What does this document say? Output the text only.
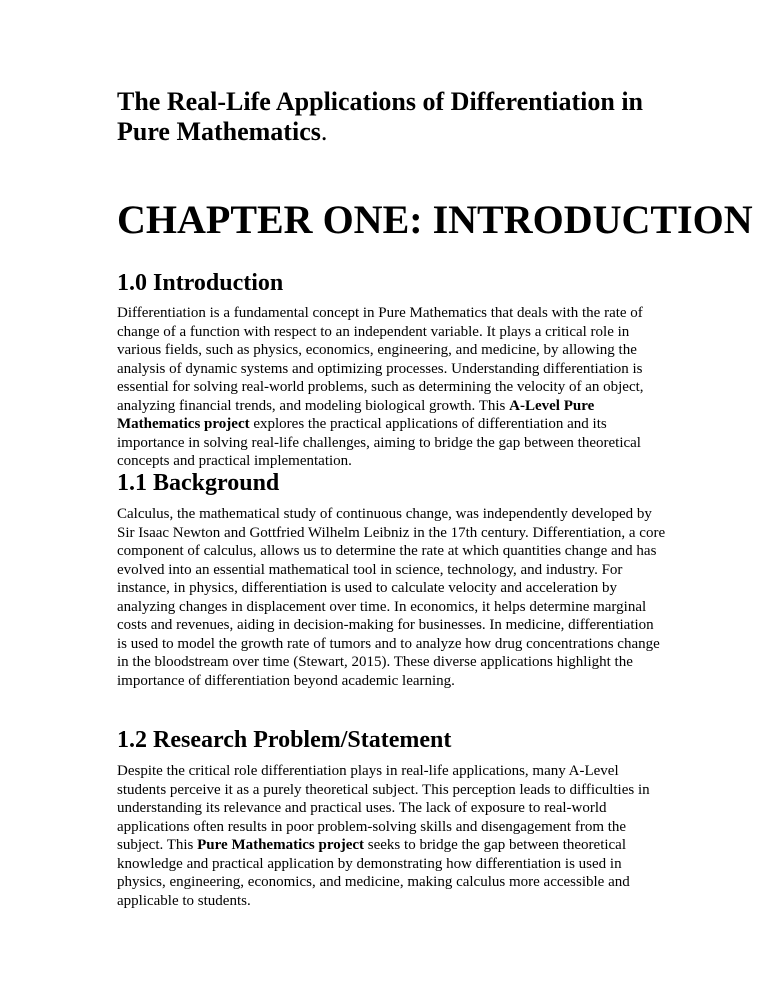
The Real-Life Applications of Differentiation in Pure Mathematics.
CHAPTER ONE: INTRODUCTION
1.0 Introduction

Differentiation is a fundamental concept in Pure Mathematics that deals with the rate of change of a function with respect to an independent variable. It plays a critical role in various fields, such as physics, economics, engineering, and medicine, by allowing the analysis of dynamic systems and optimizing processes. Understanding differentiation is essential for solving real-world problems, such as determining the velocity of an object, analyzing financial trends, and modeling biological growth. This A-Level Pure Mathematics project explores the practical applications of differentiation and its importance in solving real-life challenges, aiming to bridge the gap between theoretical concepts and practical implementation.

1.1 Background

Calculus, the mathematical study of continuous change, was independently developed by Sir Isaac Newton and Gottfried Wilhelm Leibniz in the 17th century. Differentiation, a core component of calculus, allows us to determine the rate at which quantities change and has evolved into an essential mathematical tool in science, technology, and industry. For instance, in physics, differentiation is used to calculate velocity and acceleration by analyzing changes in displacement over time. In economics, it helps determine marginal costs and revenues, aiding in decision-making for businesses. In medicine, differentiation is used to model the growth rate of tumors and to analyze how drug concentrations change in the bloodstream over time (Stewart, 2015). These diverse applications highlight the importance of differentiation beyond academic learning.

1.2 Research Problem/Statement

Despite the critical role differentiation plays in real-life applications, many A-Level students perceive it as a purely theoretical subject. This perception leads to difficulties in understanding its relevance and practical uses. The lack of exposure to real-world applications often results in poor problem-solving skills and disengagement from the subject. This Pure Mathematics project seeks to bridge the gap between theoretical knowledge and practical application by demonstrating how differentiation is used in physics, engineering, economics, and medicine, making calculus more accessible and applicable to students.
